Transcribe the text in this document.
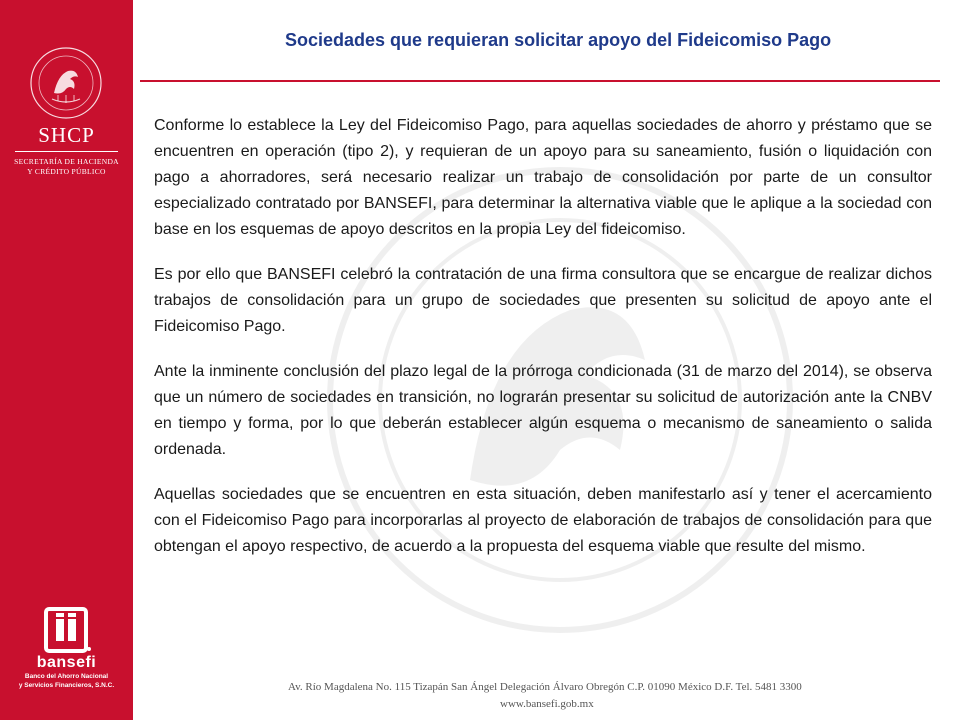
SHCP
SECRETARÍA DE HACIENDA
Y CRÉDITO PÚBLICO
bansefi
Banco del Ahorro Nacional
y Servicios Financieros, S.N.C.
Sociedades que requieran solicitar apoyo del Fideicomiso Pago

Conforme lo establece la Ley del Fideicomiso Pago, para aquellas sociedades de ahorro y préstamo que se encuentren en operación (tipo 2), y requieran de un apoyo para su saneamiento, fusión o liquidación con pago a ahorradores, será necesario realizar un trabajo de consolidación por parte de un consultor especializado contratado por BANSEFI, para determinar la alternativa viable que le aplique a la sociedad con base en los esquemas de apoyo descritos en la propia Ley del fideicomiso.

Es por ello que BANSEFI celebró la contratación de una firma consultora que se encargue de realizar dichos trabajos de consolidación para un grupo de sociedades que presenten su solicitud de apoyo ante el Fideicomiso Pago.

Ante la inminente conclusión del plazo legal de la prórroga condicionada (31 de marzo del 2014), se observa que un número de sociedades en transición, no lograrán presentar su solicitud de autorización ante la CNBV en tiempo y forma, por lo que deberán establecer algún esquema o mecanismo de saneamiento o salida ordenada.

Aquellas sociedades que se encuentren en esta situación, deben manifestarlo así y tener el acercamiento con el Fideicomiso Pago para incorporarlas al proyecto de elaboración de trabajos de consolidación para que obtengan el apoyo respectivo, de acuerdo a la propuesta del esquema viable que resulte del mismo.

Av. Río Magdalena No. 115 Tizapán San Ángel Delegación Álvaro Obregón C.P. 01090 México D.F. Tel. 5481 3300
www.bansefi.gob.mx
